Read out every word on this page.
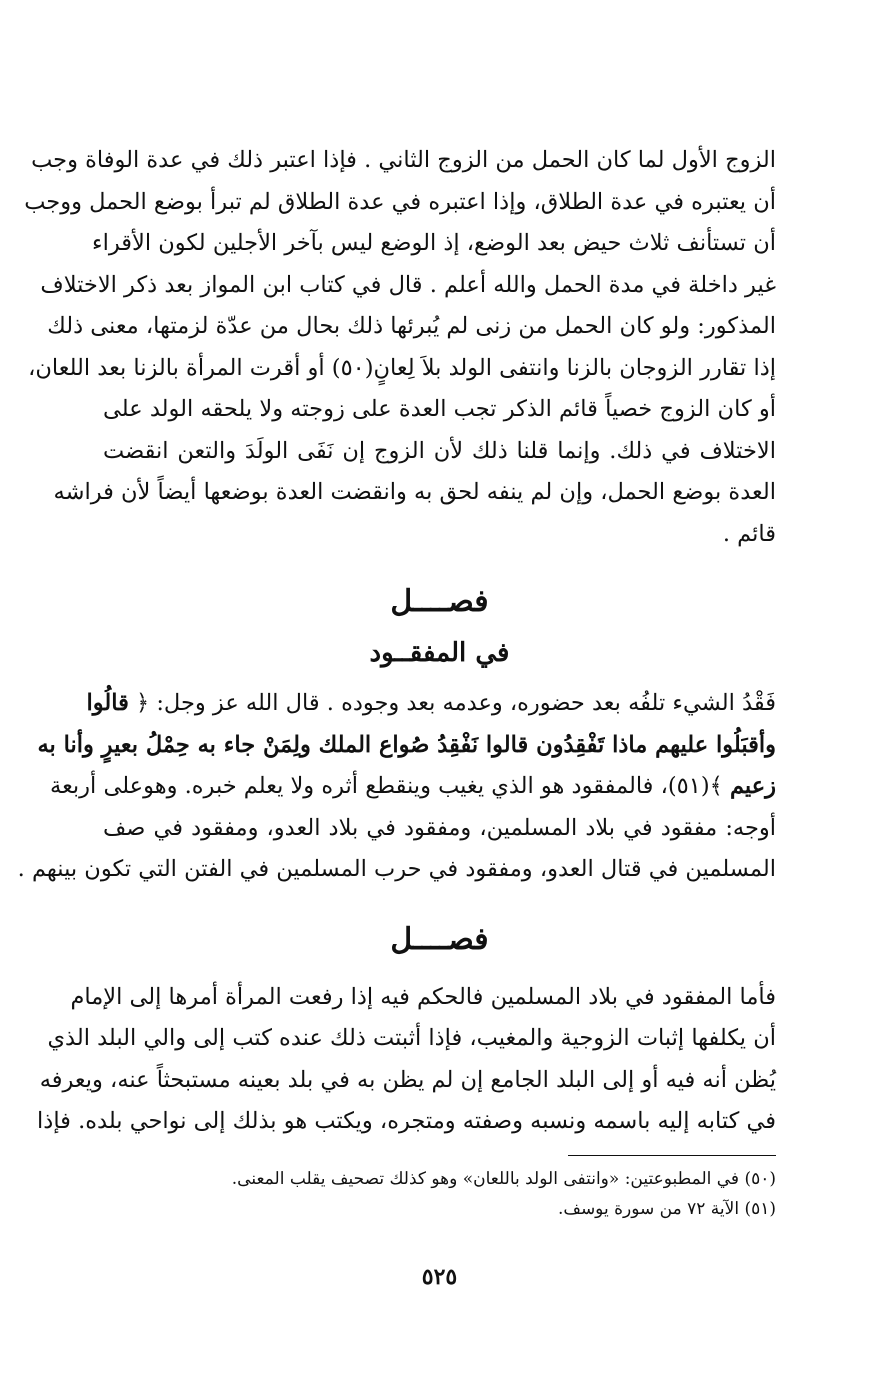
الزوج الأول لما كان الحمل من الزوج الثاني . فإذا اعتبر ذلك في عدة الوفاة وجب
أن يعتبره في عدة الطلاق، وإذا اعتبره في عدة الطلاق لم تبرأ بوضع الحمل ووجب
أن تستأنف ثلاث حيض بعد الوضع، إذ الوضع ليس بآخر الأجلين لكون الأقراء
غير داخلة في مدة الحمل والله أعلم . قال في كتاب ابن المواز بعد ذكر الاختلاف
المذكور: ولو كان الحمل من زنى لم يُبرئها ذلك بحال من عدّة لزمتها، معنى ذلك
إذا تقارر الزوجان بالزنا وانتفى الولد بلاَ لِعانٍ(٥٠) أو أقرت المرأة بالزنا بعد اللعان،
أو كان الزوج خصياً قائم الذكر تجب العدة على زوجته ولا يلحقه الولد على
الاختلاف في ذلك. وإنما قلنا ذلك لأن الزوج إن نَفَى الولَدَ والتعن انقضت
العدة بوضع الحمل، وإن لم ينفه لحق به وانقضت العدة بوضعها أيضاً لأن فراشه
قائم .

فصــــل
في المفقــود

فَقْدُ الشيء تلفُه بعد حضوره، وعدمه بعد وجوده . قال الله عز وجل: ﴿ قالُوا
وأقبَلُوا عليهم ماذا تَفْقِدُون قالوا نَفْقِدُ صُواع الملك ولِمَنْ جاء به حِمْلُ بعيرٍ وأنا به
زعيم ﴾(٥١)، فالمفقود هو الذي يغيب وينقطع أثره ولا يعلم خبره. وهوعلى أربعة
أوجه: مفقود في بلاد المسلمين، ومفقود في بلاد العدو، ومفقود في صف
المسلمين في قتال العدو، ومفقود في حرب المسلمين في الفتن التي تكون بينهم .

فصــــل

فأما المفقود في بلاد المسلمين فالحكم فيه إذا رفعت المرأة أمرها إلى الإمام
أن يكلفها إثبات الزوجية والمغيب، فإذا أثبتت ذلك عنده كتب إلى والي البلد الذي
يُظن أنه فيه أو إلى البلد الجامع إن لم يظن به في بلد بعينه مستبحثاً عنه، ويعرفه
في كتابه إليه باسمه ونسبه وصفته ومتجره، ويكتب هو بذلك إلى نواحي بلده. فإذا

(٥٠) في المطبوعتين: «وانتفى الولد باللعان» وهو كذلك تصحيف يقلب المعنى.
(٥١) الآية ٧٢ من سورة يوسف.
٥٢٥
